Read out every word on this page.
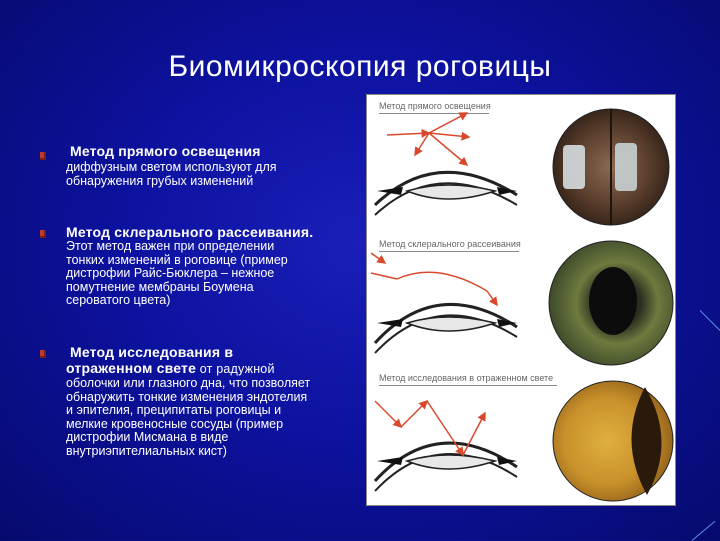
Биомикроскопия роговицы
Метод прямого освещения
диффузным светом используют для
обнаружения грубых изменений
Метод склерального рассеивания.
Этот метод важен при определении
тонких изменений в роговице (пример
дистрофии Райс-Бюклера – нежное
помутнение мембраны Боумена
сероватого цвета)
Метод исследования в
отраженном свете от радужной
оболочки или глазного дна, что позволяет
обнаружить тонкие изменения эндотелия
и эпителия, преципитаты роговицы и
мелкие кровеносные сосуды (пример
дистрофии Мисмана в виде
внутриэпителиальных кист)
Метод прямого освещения
Метод склерального рассеивания
Метод исследования в отраженном свете
